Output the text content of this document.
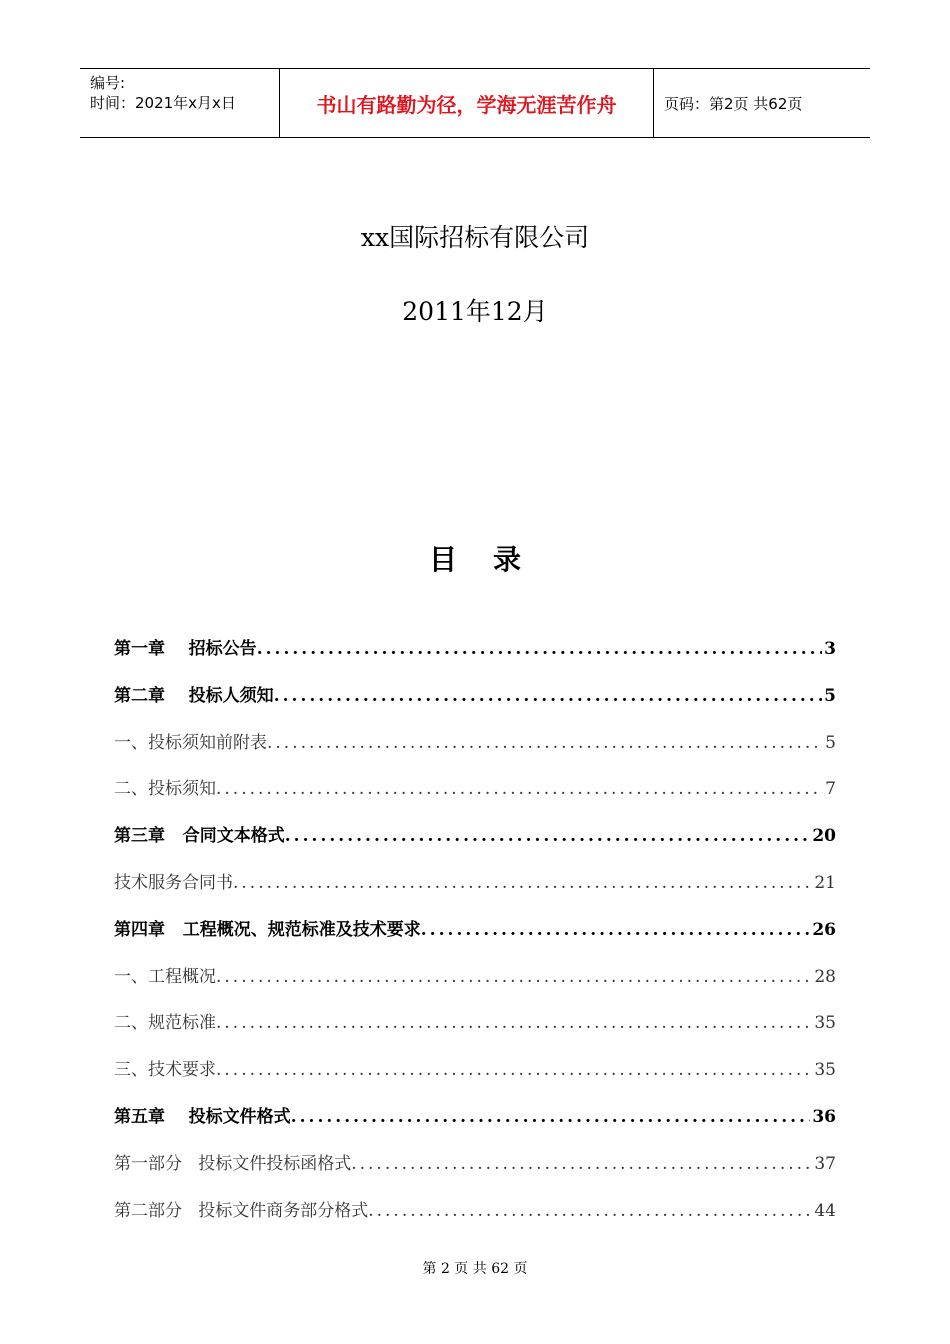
编号:
时间：2021年x月x日	书山有路勤为径，学海无涯苦作舟	页码：第2页 共62页
xx国际招标有限公司
2011年12月
目录
第一章    招标公告 .....	3
第二章    投标人须知 .....	5
一、投标须知前附表 .....	5
二、投标须知 .....	7
第三章   合同文本格式 .....	20
技术服务合同书 .....	21
第四章   工程概况、规范标准及技术要求 .....	26
一、工程概况 .....	28
二、规范标准 .....	35
三、技术要求 .....	35
第五章    投标文件格式 .....	36
第一部分   投标文件投标函格式 .....	37
第二部分   投标文件商务部分格式 .....	44
第 2 页 共 62 页
